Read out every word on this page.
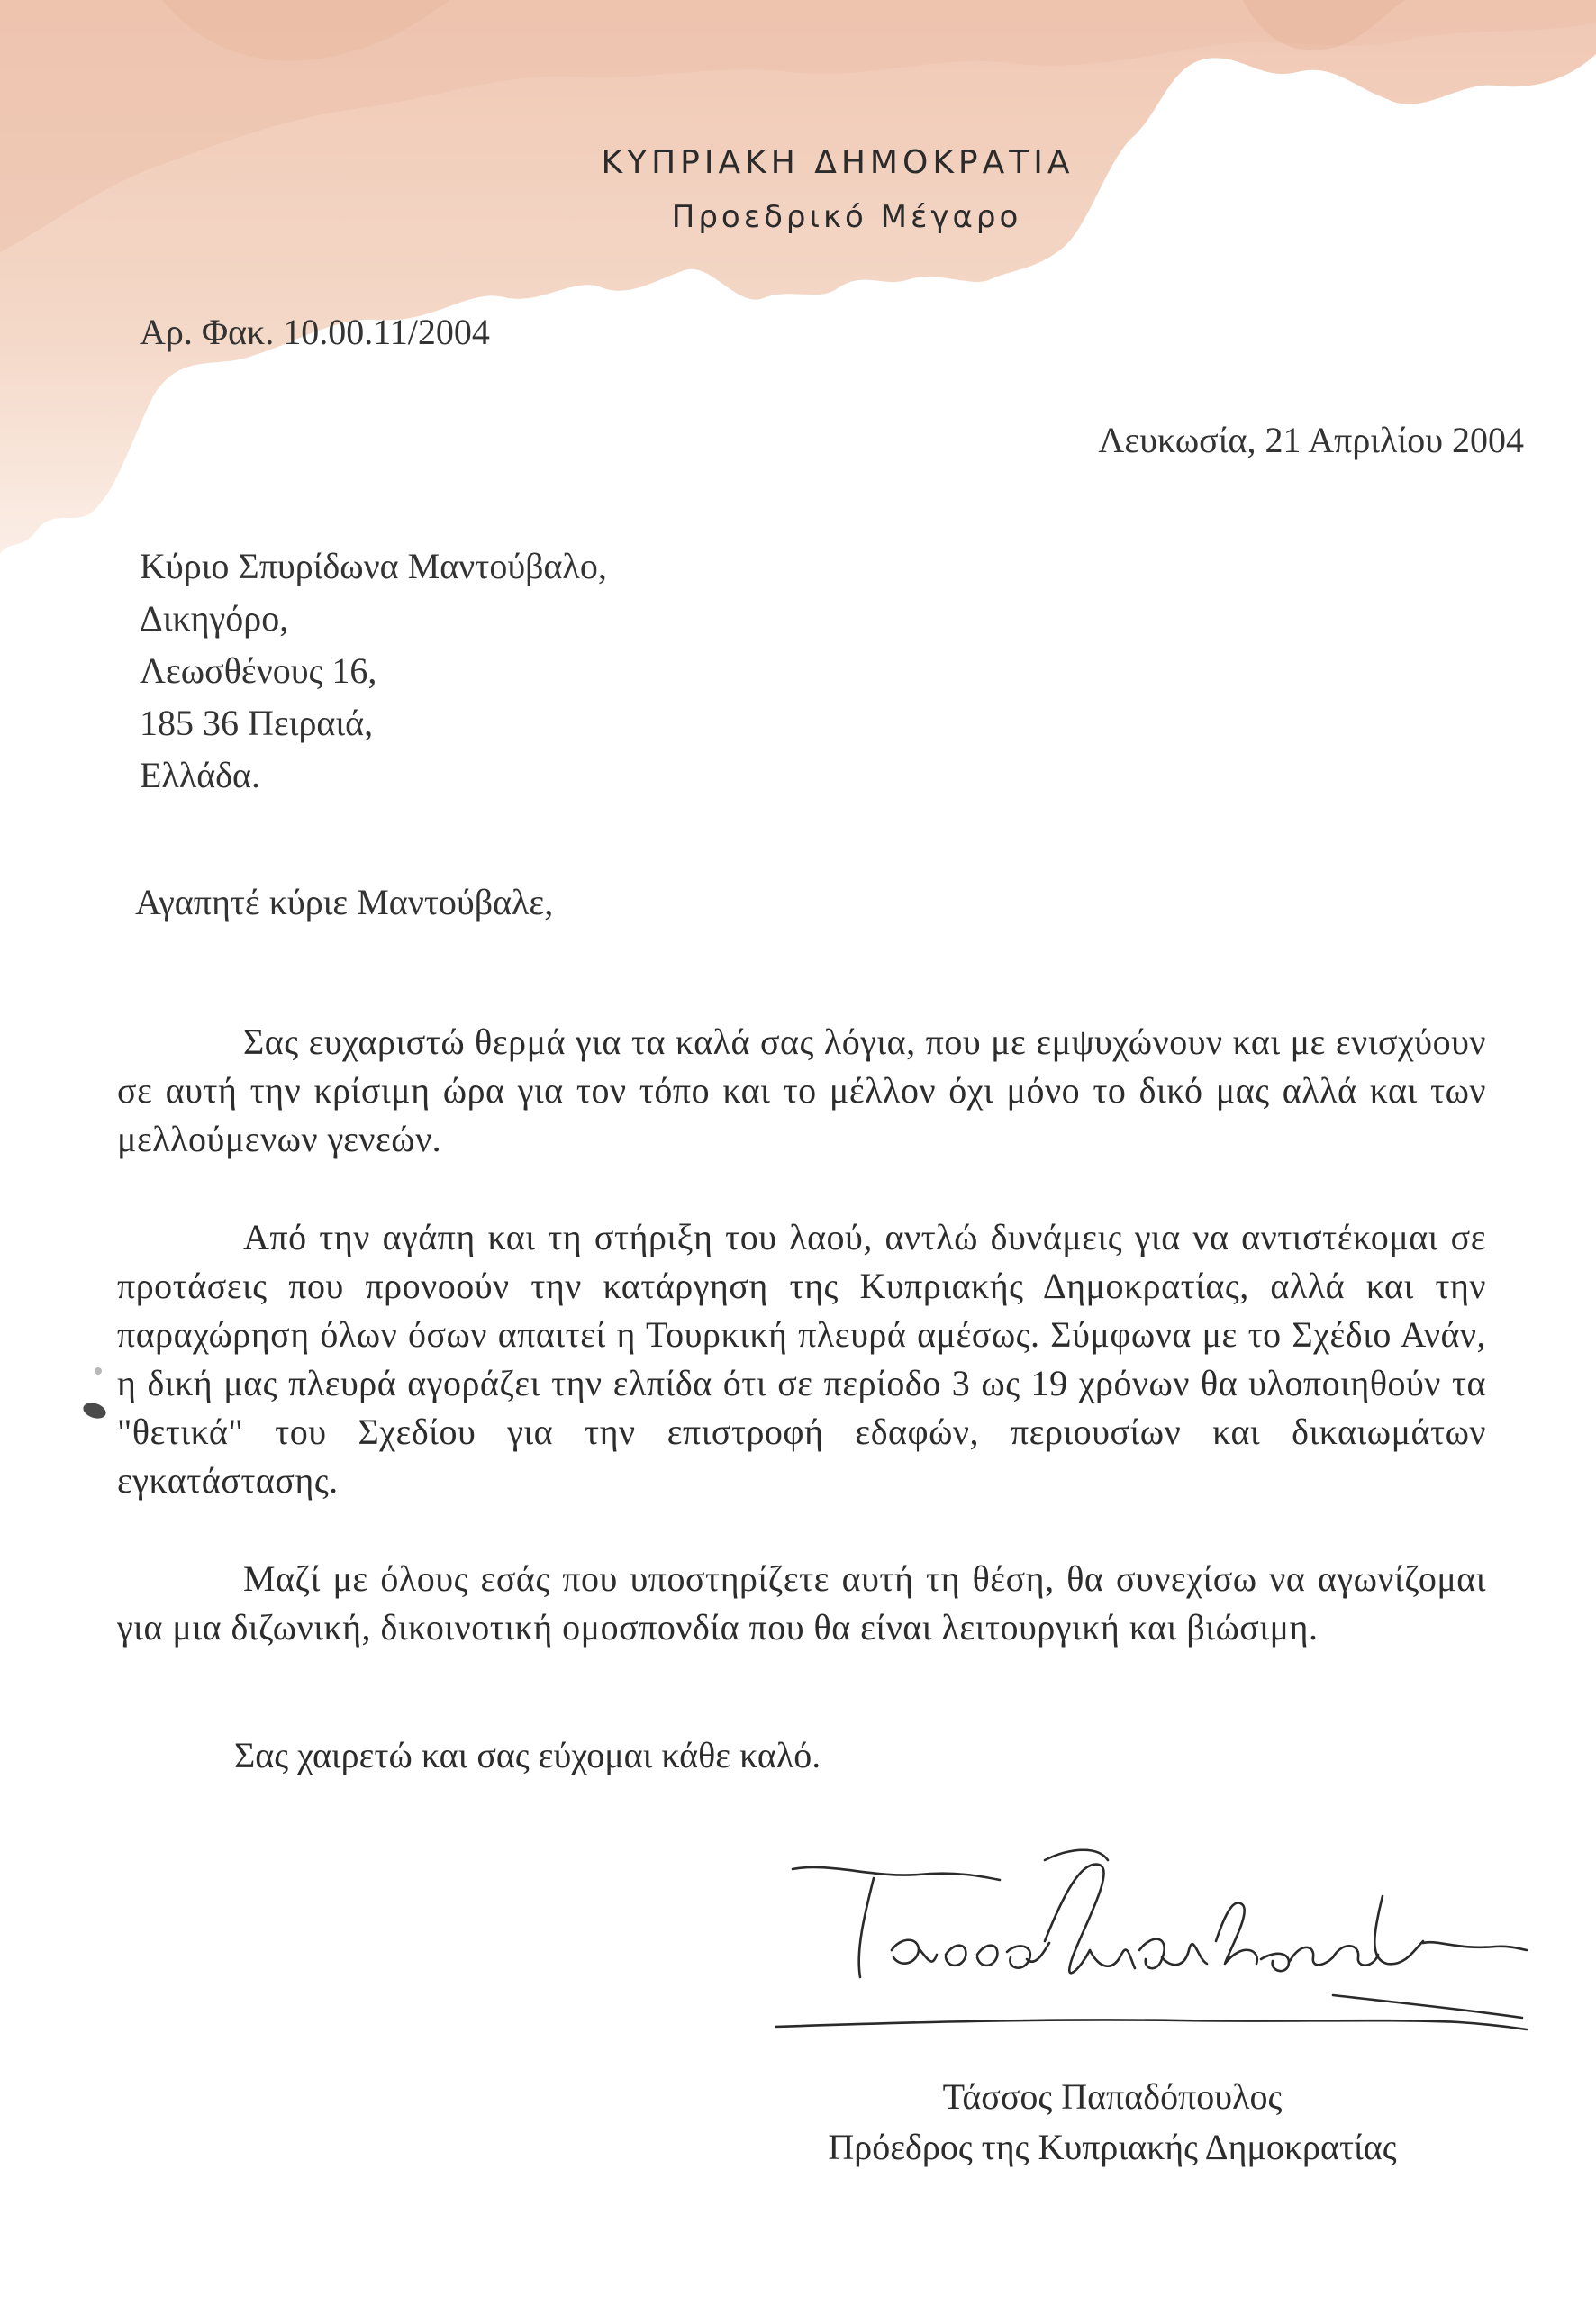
ΚΥΠΡΙΑΚΗ ΔΗΜΟΚΡΑΤΙΑ
Προεδρικό Μέγαρο
Αρ. Φακ. 10.00.11/2004
Λευκωσία, 21 Απριλίου 2004
Κύριο Σπυρίδωνα Μαντούβαλο,
Δικηγόρο,
Λεωσθένους 16,
185 36 Πειραιά,
Ελλάδα.
Αγαπητέ κύριε Μαντούβαλε,

Σας ευχαριστώ θερμά για τα καλά σας λόγια, που με εμψυχώνουν και με ενισχύουν σε αυτή την κρίσιμη ώρα για τον τόπο και το μέλλον όχι μόνο το δικό μας αλλά και των μελλούμενων γενεών.

Από την αγάπη και τη στήριξη του λαού, αντλώ δυνάμεις για να αντιστέκομαι σε προτάσεις που προνοούν την κατάργηση της Κυπριακής Δημοκρατίας, αλλά και την παραχώρηση όλων όσων απαιτεί η Τουρκική πλευρά αμέσως. Σύμφωνα με το Σχέδιο Ανάν, η δική μας πλευρά αγοράζει την ελπίδα ότι σε περίοδο 3 ως 19 χρόνων θα υλοποιηθούν τα "θετικά" του Σχεδίου για την επιστροφή εδαφών, περιουσίων και δικαιωμάτων εγκατάστασης.

Μαζί με όλους εσάς που υποστηρίζετε αυτή τη θέση, θα συνεχίσω να αγωνίζομαι για μια διζωνική, δικοινοτική ομοσπονδία που θα είναι λειτουργική και βιώσιμη.

Σας χαιρετώ και σας εύχομαι κάθε καλό.
Τάσσος Παπαδόπουλος
Πρόεδρος της Κυπριακής Δημοκρατίας
